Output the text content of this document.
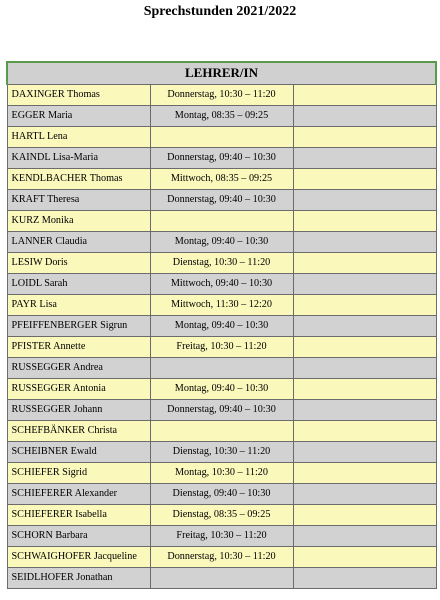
Sprechstunden 2021/2022
LEHRER/IN		
DAXINGER Thomas	Donnerstag, 10:30 – 11:20	
EGGER Maria	Montag, 08:35 – 09:25	
HARTL Lena		
KAINDL Lisa-Maria	Donnerstag, 09:40 – 10:30	
KENDLBACHER Thomas	Mittwoch, 08:35 – 09:25	
KRAFT Theresa	Donnerstag, 09:40 – 10:30	
KURZ Monika		
LANNER Claudia	Montag, 09:40 – 10:30	
LESIW Doris	Dienstag, 10:30 – 11:20	
LOIDL Sarah	Mittwoch, 09:40 – 10:30	
PAYR Lisa	Mittwoch, 11:30 – 12:20	
PFEIFFENBERGER Sigrun	Montag, 09:40 – 10:30	
PFISTER Annette	Freitag, 10:30 – 11:20	
RUSSEGGER Andrea		
RUSSEGGER Antonia	Montag, 09:40 – 10:30	
RUSSEGGER Johann	Donnerstag, 09:40 – 10:30	
SCHEFBÄNKER Christa		
SCHEIBNER Ewald	Dienstag, 10:30 – 11:20	
SCHIEFER Sigrid	Montag, 10:30 – 11:20	
SCHIEFERER Alexander	Dienstag, 09:40 – 10:30	
SCHIEFERER Isabella	Dienstag, 08:35 – 09:25	
SCHORN Barbara	Freitag, 10:30 – 11:20	
SCHWAIGHOFER Jacqueline	Donnerstag, 10:30 – 11:20	
SEIDLHOFER Jonathan		
